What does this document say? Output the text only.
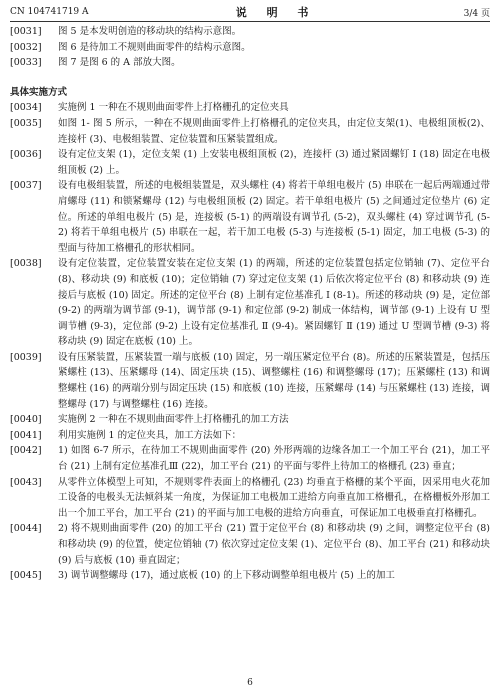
CN 104741719 A	说 明 书	3/4 页
[0031] 图 5 是本发明创造的移动块的结构示意图。
[0032] 图 6 是待加工不规则曲面零件的结构示意图。
[0033] 图 7 是图 6 的 A 部放大图。
具体实施方式
[0034] 实施例 1 一种在不规则曲面零件上打格栅孔的定位夹具
[0035] 如图 1- 图 5 所示，一种在不规则曲面零件上打格栅孔的定位夹具，由定位支架(1)、电极组顶板(2)、连接杆 (3)、电极组装置、定位装置和压紧装置组成。
[0036] 设有定位支架 (1)，定位支架 (1) 上安装电极组顶板 (2)，连接杆 (3) 通过紧固螺钉 Ⅰ (18) 固定在电极组顶板 (2) 上。
[0037] 设有电极组装置，所述的电极组装置是，双头螺柱 (4) 将若干单组电极片 (5) 串联在一起后两端通过带肩螺母 (11) 和锁紧螺母 (12) 与电极组顶板 (2) 固定。若干单组电极片 (5) 之间通过定位垫片 (6) 定位。所述的单组电极片 (5) 是，连接板 (5-1) 的两端设有调节孔 (5-2)，双头螺柱 (4) 穿过调节孔 (5-2) 将若干单组电极片 (5) 串联在一起，若干加工电极 (5-3) 与连接板 (5-1) 固定，加工电极 (5-3) 的型面与待加工格栅孔的形状相同。
[0038] 设有定位装置，定位装置安装在定位支架 (1) 的两端，所述的定位装置包括定位销轴 (7)、定位平台 (8)、移动块 (9) 和底板 (10)；定位销轴 (7) 穿过定位支架 (1) 后依次将定位平台 (8) 和移动块 (9) 连接后与底板 (10) 固定。所述的定位平台 (8) 上制有定位基准孔 Ⅰ (8-1)。所述的移动块 (9) 是，定位部 (9-2) 的两端为调节部 (9-1)，调节部 (9-1) 和定位部 (9-2) 制成一体结构，调节部 (9-1) 上设有 U 型调节槽 (9-3)，定位部 (9-2) 上设有定位基准孔 Ⅱ (9-4)。紧固螺钉 Ⅱ (19) 通过 U 型调节槽 (9-3) 将移动块 (9) 固定在底板 (10) 上。
[0039] 设有压紧装置，压紧装置一端与底板 (10) 固定，另一端压紧定位平台 (8)。所述的压紧装置是，包括压紧螺柱 (13)、压紧螺母 (14)、固定压块 (15)、调整螺柱 (16) 和调整螺母 (17)；压紧螺柱 (13) 和调整螺柱 (16) 的两端分别与固定压块 (15) 和底板 (10) 连接，压紧螺母 (14) 与压紧螺柱 (13) 连接，调整螺母 (17) 与调整螺柱 (16) 连接。
[0040] 实施例 2 一种在不规则曲面零件上打格栅孔的加工方法
[0041] 利用实施例 1 的定位夹具，加工方法如下：
[0042] 1) 如图 6-7 所示，在待加工不规则曲面零件 (20) 外形两端的边缘各加工一个加工平台 (21)，加工平台 (21) 上制有定位基准孔Ⅲ (22)，加工平台 (21) 的平面与零件上待加工的格栅孔 (23) 垂直；
[0043] 从零件立体模型上可知，不规则零件表面上的格栅孔 (23) 均垂直于格栅的某个平面，因采用电火花加工设备的电极头无法倾斜某一角度，为保证加工电极加工进给方向垂直加工格栅孔，在格栅板外形加工出一个加工平台，加工平台 (21) 的平面与加工电极的进给方向垂直，可保证加工电极垂直打格栅孔。
[0044] 2) 将不规则曲面零件 (20) 的加工平台 (21) 置于定位平台 (8) 和移动块 (9) 之间，调整定位平台 (8) 和移动块 (9) 的位置，使定位销轴 (7) 依次穿过定位支架 (1)、定位平台 (8)、加工平台 (21) 和移动块 (9) 后与底板 (10) 垂直固定；
[0045] 3) 调节调整螺母 (17)，通过底板 (10) 的上下移动调整单组电极片 (5) 上的加工
6
